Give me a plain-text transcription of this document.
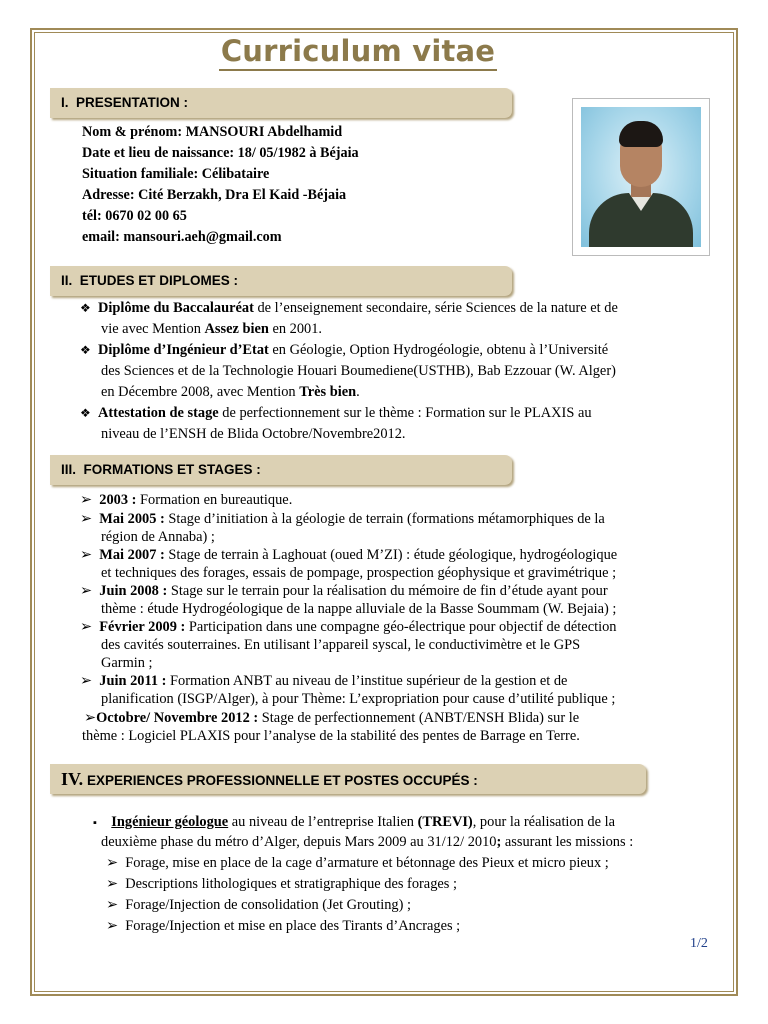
Curriculum vitae
I. PRESENTATION :
Nom & prénom: MANSOURI Abdelhamid
Date et lieu de naissance: 18/ 05/1982 à Béjaia
Situation familiale: Célibataire
Adresse: Cité Berzakh, Dra El Kaid -Béjaia
tél: 0670 02 00 65
email: mansouri.aeh@gmail.com
II. ETUDES ET DIPLOMES :
❖ Diplôme du Baccalauréat de l’enseignement secondaire, série Sciences de la nature et de
vie avec Mention Assez bien en 2001.
❖ Diplôme d’Ingénieur d’Etat en Géologie, Option Hydrogéologie, obtenu à l’Université
des Sciences et de la Technologie Houari Boumediene(USTHB), Bab Ezzouar (W. Alger)
en Décembre 2008, avec Mention Très bien.
❖ Attestation de stage de perfectionnement sur le thème : Formation sur le PLAXIS au
niveau de l’ENSH de Blida Octobre/Novembre2012.
III. FORMATIONS ET STAGES :
➢ 2003 : Formation en bureautique.
➢ Mai 2005 : Stage d’initiation à la géologie de terrain (formations métamorphiques de la
région de Annaba) ;
➢ Mai 2007 : Stage de terrain à Laghouat (oued M’ZI) : étude géologique, hydrogéologique
et techniques des forages, essais de pompage, prospection géophysique et gravimétrique ;
➢ Juin 2008 : Stage sur le terrain pour la réalisation du mémoire de fin d’étude ayant pour
thème : étude Hydrogéologique de la nappe alluviale de la Basse Soummam (W. Bejaia) ;
➢ Février 2009 : Participation dans une compagne géo-électrique pour objectif de détection
des cavités souterraines. En utilisant l’appareil syscal, le conductivimètre et le GPS
Garmin ;
➢ Juin 2011 : Formation ANBT au niveau de l’institue supérieur de la gestion et de
planification (ISGP/Alger), à pour Thème: L’expropriation pour cause d’utilité publique ;
➢Octobre/ Novembre 2012 : Stage de perfectionnement (ANBT/ENSH Blida) sur le
thème : Logiciel PLAXIS pour l’analyse de la stabilité des pentes de Barrage en Terre.
IV. EXPERIENCES PROFESSIONNELLE ET POSTES OCCUPÉS :
▪ Ingénieur géologue au niveau de l’entreprise Italien (TREVI), pour la réalisation de la
deuxième phase du métro d’Alger, depuis Mars 2009 au 31/12/ 2010; assurant les missions :
➢ Forage, mise en place de la cage d’armature et bétonnage des Pieux et micro pieux ;
➢ Descriptions lithologiques et stratigraphique des forages ;
➢ Forage/Injection de consolidation (Jet Grouting) ;
➢ Forage/Injection et mise en place des Tirants d’Ancrages ;
1/2
